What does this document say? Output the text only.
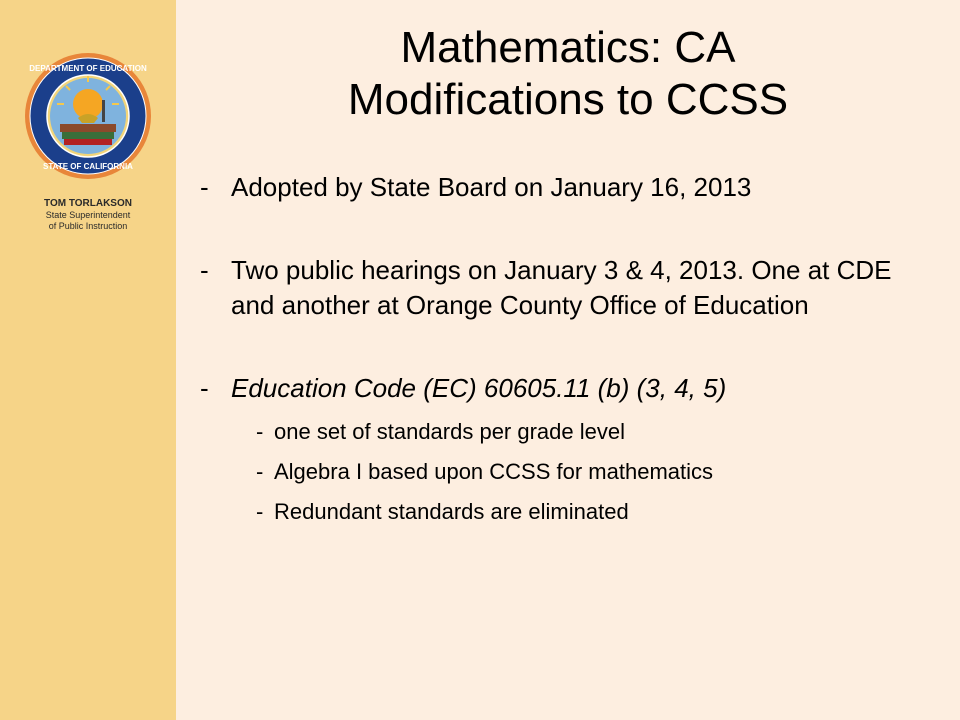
DEPARTMENT OF EDUCATION
STATE OF CALIFORNIA
TOM TORLAKSON
State Superintendent
of Public Instruction
Mathematics: CA
Modifications to CCSS
- Adopted by State Board on January 16, 2013
- Two public hearings on January 3 & 4, 2013. One at CDE and another at Orange County Office of Education
- Education Code (EC) 60605.11 (b) (3, 4, 5)
- one set of standards per grade level
- Algebra I based upon CCSS for mathematics
- Redundant standards are eliminated
